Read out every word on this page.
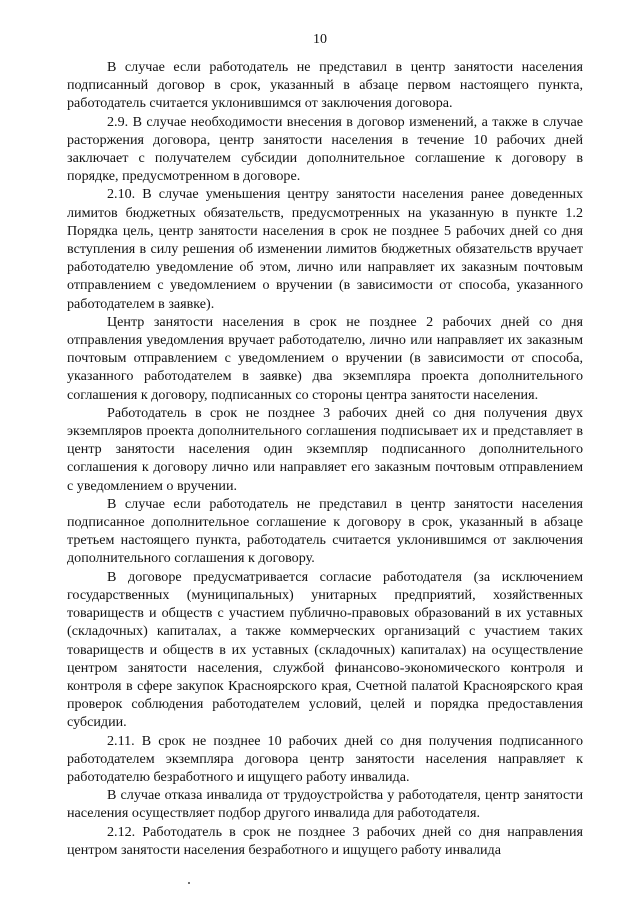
10

В случае если работодатель не представил в центр занятости населения подписанный договор в срок, указанный в абзаце первом настоящего пункта, работодатель считается уклонившимся от заключения договора.

2.9. В случае необходимости внесения в договор изменений, а также в случае расторжения договора, центр занятости населения в течение 10 рабочих дней заключает с получателем субсидии дополнительное соглашение к договору в порядке, предусмотренном в договоре.

2.10. В случае уменьшения центру занятости населения ранее доведенных лимитов бюджетных обязательств, предусмотренных на указанную в пункте 1.2 Порядка цель, центр занятости населения в срок не позднее 5 рабочих дней со дня вступления в силу решения об изменении лимитов бюджетных обязательств вручает работодателю уведомление об этом, лично или направляет их заказным почтовым отправлением с уведомлением о вручении (в зависимости от способа, указанного работодателем в заявке).

Центр занятости населения в срок не позднее 2 рабочих дней со дня отправления уведомления вручает работодателю, лично или направляет их заказным почтовым отправлением с уведомлением о вручении (в зависимости от способа, указанного работодателем в заявке) два экземпляра проекта дополнительного соглашения к договору, подписанных со стороны центра занятости населения.

Работодатель в срок не позднее 3 рабочих дней со дня получения двух экземпляров проекта дополнительного соглашения подписывает их и представляет в центр занятости населения один экземпляр подписанного дополнительного соглашения к договору лично или направляет его заказным почтовым отправлением с уведомлением о вручении.

В случае если работодатель не представил в центр занятости населения подписанное дополнительное соглашение к договору в срок, указанный в абзаце третьем настоящего пункта, работодатель считается уклонившимся от заключения дополнительного соглашения к договору.

В договоре предусматривается согласие работодателя (за исключением государственных (муниципальных) унитарных предприятий, хозяйственных товариществ и обществ с участием публично-правовых образований в их уставных (складочных) капиталах, а также коммерческих организаций с участием таких товариществ и обществ в их уставных (складочных) капиталах) на осуществление центром занятости населения, службой финансово-экономического контроля и контроля в сфере закупок Красноярского края, Счетной палатой Красноярского края проверок соблюдения работодателем условий, целей и порядка предоставления субсидии.

2.11. В срок не позднее 10 рабочих дней со дня получения подписанного работодателем экземпляра договора центр занятости населения направляет к работодателю безработного и ищущего работу инвалида.

В случае отказа инвалида от трудоустройства у работодателя, центр занятости населения осуществляет подбор другого инвалида для работодателя.

2.12. Работодатель в срок не позднее 3 рабочих дней со дня направления центром занятости населения безработного и ищущего работу инвалида
